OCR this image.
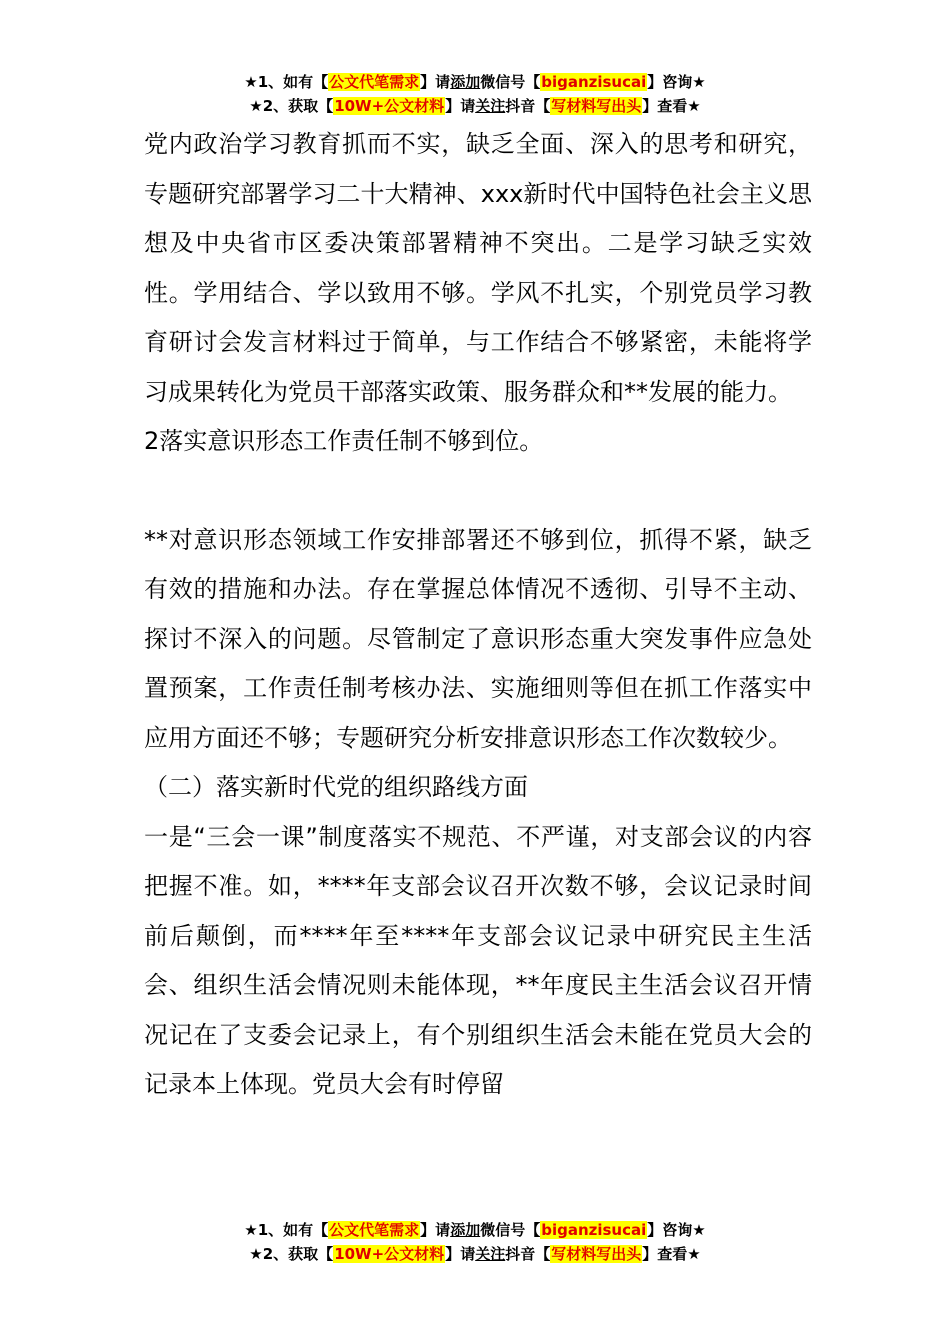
★1、如有【公文代笔需求】请添加微信号【biganzisucai】咨询★
★2、获取【10W+公文材料】请关注抖音【写材料写出头】查看★

党内政治学习教育抓而不实，缺乏全面、深入的思考和研究，专题研究部署学习二十大精神、xxx新时代中国特色社会主义思想及中央省市区委决策部署精神不突出。二是学习缺乏实效性。学用结合、学以致用不够。学风不扎实，个别党员学习教育研讨会发言材料过于简单，与工作结合不够紧密，未能将学习成果转化为党员干部落实政策、服务群众和**发展的能力。

2落实意识形态工作责任制不够到位。

**对意识形态领域工作安排部署还不够到位，抓得不紧，缺乏有效的措施和办法。存在掌握总体情况不透彻、引导不主动、探讨不深入的问题。尽管制定了意识形态重大突发事件应急处置预案，工作责任制考核办法、实施细则等但在抓工作落实中应用方面还不够；专题研究分析安排意识形态工作次数较少。

（二）落实新时代党的组织路线方面

一是“三会一课”制度落实不规范、不严谨，对支部会议的内容把握不准。如，****年支部会议召开次数不够，会议记录时间前后颠倒，而****年至****年支部会议记录中研究民主生活会、组织生活会情况则未能体现，**年度民主生活会议召开情况记在了支委会记录上，有个别组织生活会未能在党员大会的记录本上体现。党员大会有时停留

★1、如有【公文代笔需求】请添加微信号【biganzisucai】咨询★
★2、获取【10W+公文材料】请关注抖音【写材料写出头】查看★
